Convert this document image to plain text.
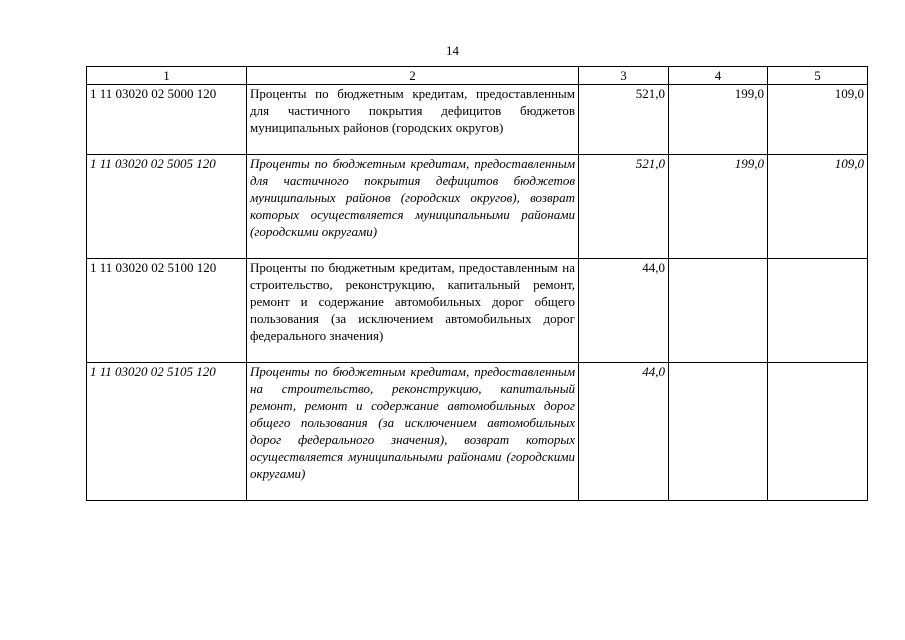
14
1	2	3	4	5
1 11 03020 02 5000 120	Проценты по бюджетным кредитам, предоставленным для частичного покрытия дефицитов бюджетов муниципальных районов (городских округов)	521,0	199,0	109,0
1 11 03020 02 5005 120	Проценты по бюджетным кредитам, предоставленным для частичного покрытия дефицитов бюджетов муниципальных районов (городских округов), возврат которых осуществляется муниципальными районами (городскими округами)	521,0	199,0	109,0
1 11 03020 02 5100 120	Проценты по бюджетным кредитам, предоставленным на строительство, реконструкцию, капитальный ремонт, ремонт и содержание автомобильных дорог общего пользования (за исключением автомобильных дорог федерального значения)	44,0		
1 11 03020 02 5105 120	Проценты по бюджетным кредитам, предоставленным на строительство, реконструкцию, капитальный ремонт, ремонт и содержание автомобильных дорог общего пользования (за исключением автомобильных дорог федерального значения), возврат которых осуществляется муниципальными районами (городскими округами)	44,0		
